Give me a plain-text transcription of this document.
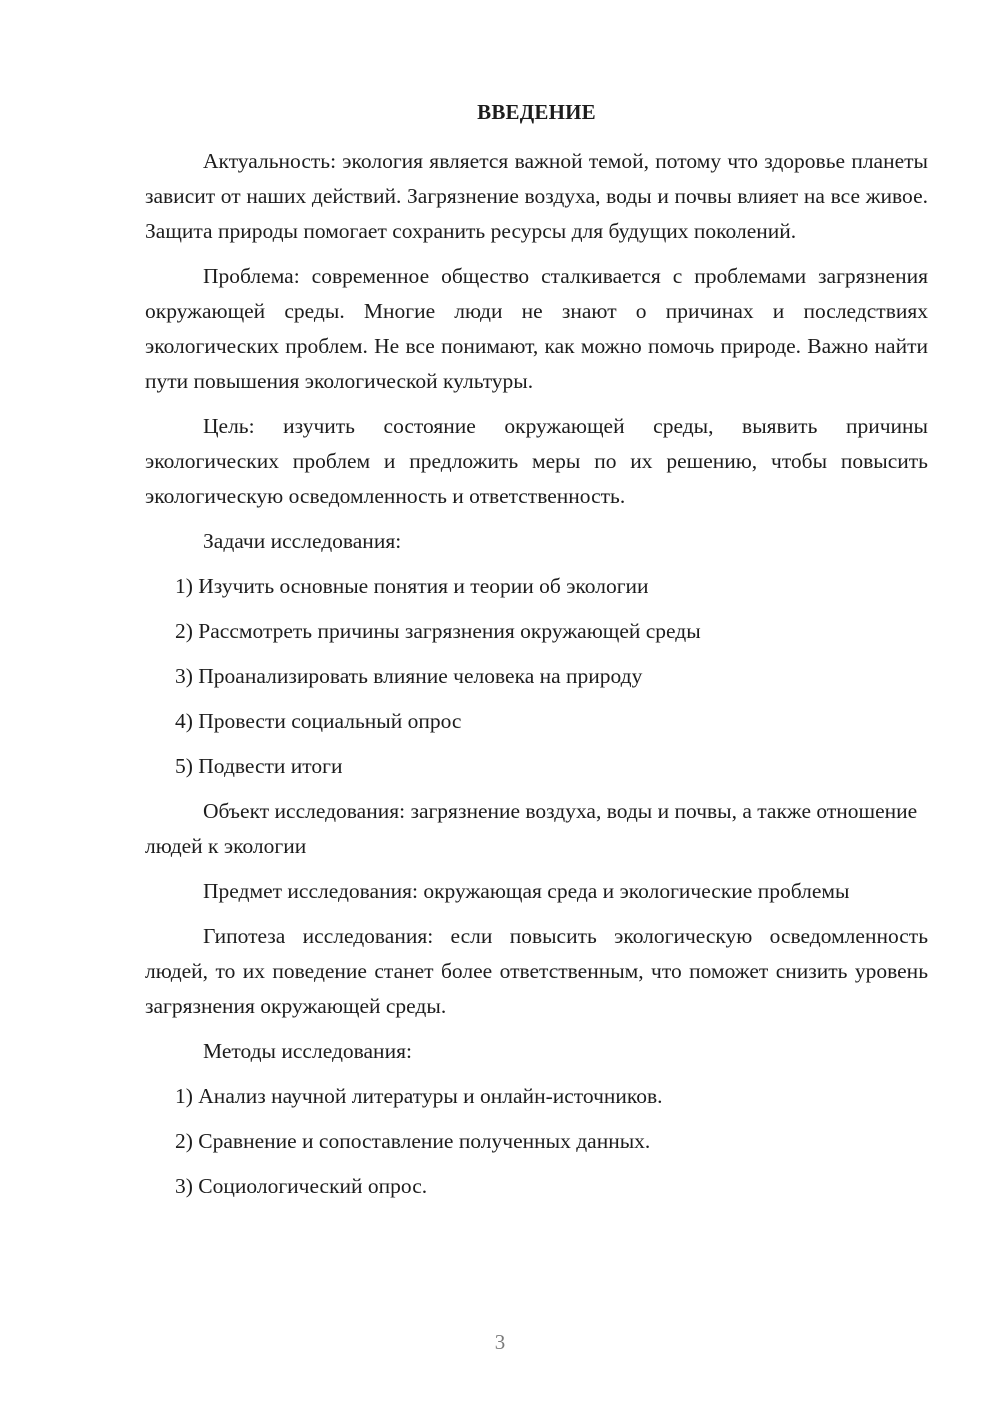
ВВЕДЕНИЕ

Актуальность: экология является важной темой, потому что здоровье планеты зависит от наших действий. Загрязнение воздуха, воды и почвы влияет на все живое. Защита природы помогает сохранить ресурсы для будущих поколений.

Проблема: современное общество сталкивается с проблемами загрязнения окружающей среды. Многие люди не знают о причинах и последствиях экологических проблем. Не все понимают, как можно помочь природе. Важно найти пути повышения экологической культуры.

Цель: изучить состояние окружающей среды, выявить причины экологических проблем и предложить меры по их решению, чтобы повысить экологическую осведомленность и ответственность.

Задачи исследования:

1) Изучить основные понятия и теории об экологии
2) Рассмотреть причины загрязнения окружающей среды
3) Проанализировать влияние человека на природу
4) Провести социальный опрос
5) Подвести итоги

Объект исследования: загрязнение воздуха, воды и почвы, а также отношение людей к экологии

Предмет исследования: окружающая среда и экологические проблемы

Гипотеза исследования: если повысить экологическую осведомленность людей, то их поведение станет более ответственным, что поможет снизить уровень загрязнения окружающей среды.

Методы исследования:

1) Анализ научной литературы и онлайн-источников.
2) Сравнение и сопоставление полученных данных.
3) Социологический опрос.
3
